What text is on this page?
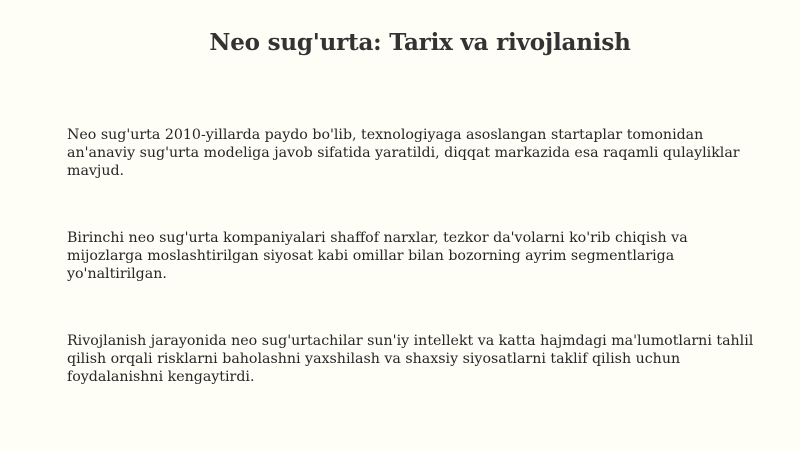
Neo sug'urta: Tarix va rivojlanish

Neo sug'urta 2010-yillarda paydo bo'lib, texnologiyaga asoslangan startaplar tomonidan an'anaviy sug'urta modeliga javob sifatida yaratildi, diqqat markazida esa raqamli qulayliklar mavjud.

Birinchi neo sug'urta kompaniyalari shaffof narxlar, tezkor da'volarni ko'rib chiqish va mijozlarga moslashtirilgan siyosat kabi omillar bilan bozorning ayrim segmentlariga yo'naltirilgan.

Rivojlanish jarayonida neo sug'urtachilar sun'iy intellekt va katta hajmdagi ma'lumotlarni tahlil qilish orqali risklarni baholashni yaxshilash va shaxsiy siyosatlarni taklif qilish uchun foydalanishni kengaytirdi.
